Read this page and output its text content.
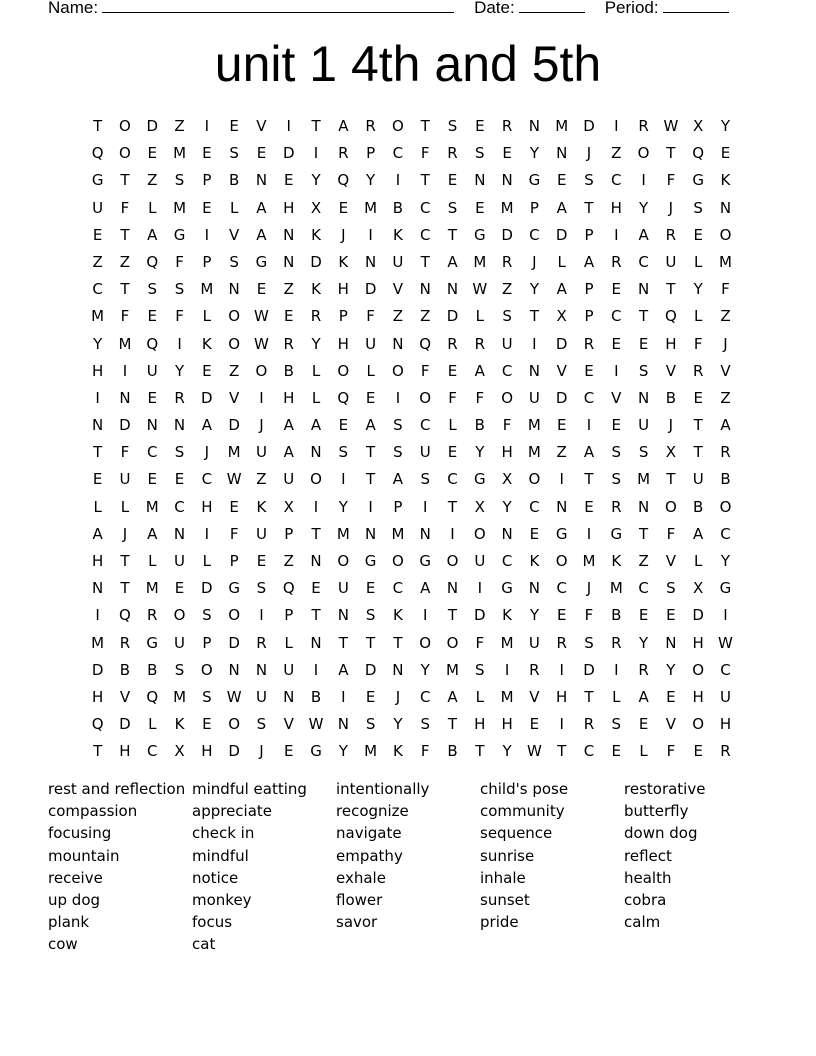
Name:	Date:	Period:
unit 1 4th and 5th
T	O	D	Z	I	E	V	I	T	A	R	O	T	S	E	R	N	M	D	I	R W X	Y
Q	O	E	M	E	S	E	D	I	R	P	C	F	R	S	E	Y	N	J	Z	O	T	Q	E
G	T	Z	S	P	B	N	E	Y	Q	Y	I	T	E	N	N	G	E	S	C	I	F	G	K
U	F	L	M	E	L	A	H	X	E	M	B	C	S	E	M	P	A	T	H	Y	J	S	N
E	T	A	G	I	V	A	N	K	J	I	K	C	T	G	D	C	D	P	I	A	R	E	O
Z	Z	Q	F	P	S	G	N	D	K	N	U	T	A	M	R	J	L	A	R	C	U	L	M
C	T	S	S	M	N	E	Z	K	H	D	V	N	N W Z	Y	A	P	E	N	T	Y	F
M	F	E	F	L	O W	E	R	P	F	Z	Z	D	L	S	T	X	P	C	T	Q	L	Z
Y	M Q	I	K	O W R	Y	H	U	N	Q	R	R	U	I	D	R	E	E	H	F	J
H	I	U	Y	E	Z	O	B	L	O	L	O	F	E	A	C	N	V	E	I	S	V	R	V
I	N	E	R	D	V	I	H	L	Q	E	I	O	F	F	O	U	D	C	V	N	B	E	Z
N	D	N	N	A	D	J	A	A	E	A	S	C	L	B	F	M	E	I	E	U	J	T	A
T	F	C	S	J	M	U	A	N	S	T	S	U	E	Y	H	M	Z	A	S	S	X	T	R
E	U	E	E	C W Z	U	O	I	T	A	S	C	G	X	O	I	T	S	M	T	U	B
L	L	M	C	H	E	K	X	I	Y	I	P	I	T	X	Y	C	N	E	R	N	O	B	O
A	J	A	N	I	F	U	P	T	M	N	M	N	I	O	N	E	G	I	G	T	F	A	C
H	T	L	U	L	P	E	Z	N	O	G	O	G	O	U	C	K	O M	K	Z	V	L	Y
N	T	M	E	D	G	S	Q	E	U	E	C	A	N	I	G	N	C	J	M	C	S	X	G
I	Q	R	O	S	O	I	P	T	N	S	K	I	T	D	K	Y	E	F	B	E	E	D	I
M	R	G	U	P	D	R	L	N	T	T	T	O	O	F	M	U	R	S	R	Y	N	H W
D	B	B	S	O	N	N	U	I	A	D	N	Y	M	S	I	R	I	D	I	R	Y	O	C
H	V	Q M	S	W U	N	B	I	E	J	C	A	L	M	V	H	T	L	A	E	H	U
Q	D	L	K	E	O	S	V W N	S	Y	S	T	H	H	E	I	R	S	E	V	O	H
T	H	C	X	H	D	J	E	G	Y	M	K	F	B	T	Y	W	T	C	E	L	F	E	R
rest and reflection
compassion
focusing
mountain
receive
up dog
plank
cow
mindful eatting
appreciate
check in
mindful
notice
monkey
focus
cat
intentionally
recognize
navigate
empathy
exhale
flower
savor
child's pose
community
sequence
sunrise
inhale
sunset
pride
restorative
butterfly
down dog
reflect
health
cobra
calm
